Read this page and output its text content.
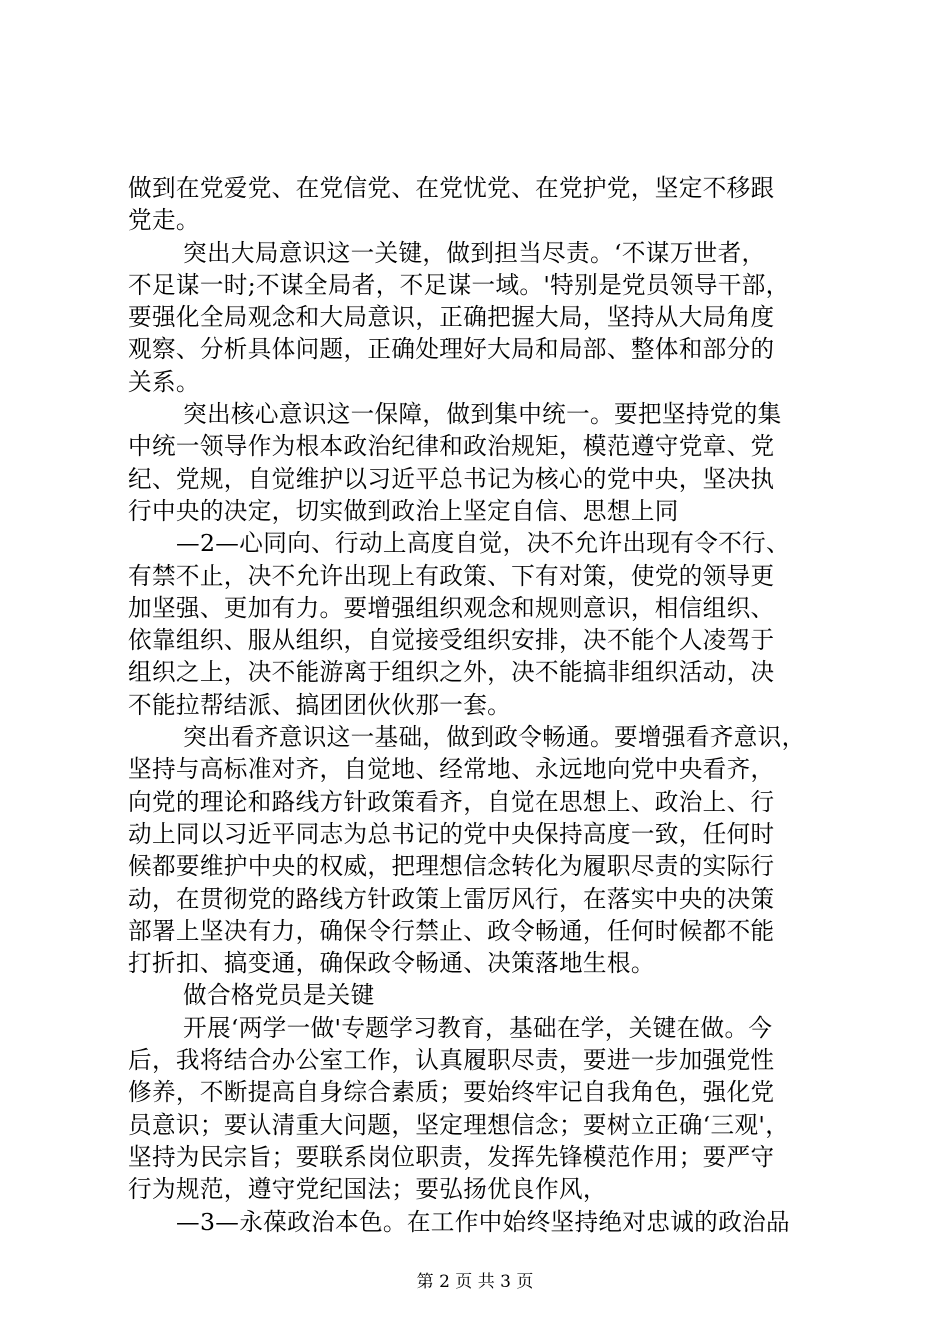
做到在党爱党、在党信党、在党忧党、在党护党，坚定不移跟
党走。
突出大局意识这一关键，做到担当尽责。‘不谋万世者，
不足谋一时;不谋全局者，不足谋一域。'特别是党员领导干部，
要强化全局观念和大局意识，正确把握大局，坚持从大局角度
观察、分析具体问题，正确处理好大局和局部、整体和部分的
关系。
突出核心意识这一保障，做到集中统一。要把坚持党的集
中统一领导作为根本政治纪律和政治规矩，模范遵守党章、党
纪、党规，自觉维护以习近平总书记为核心的党中央，坚决执
行中央的决定，切实做到政治上坚定自信、思想上同
—2—心同向、行动上高度自觉，决不允许出现有令不行、
有禁不止，决不允许出现上有政策、下有对策，使党的领导更
加坚强、更加有力。要增强组织观念和规则意识，相信组织、
依靠组织、服从组织，自觉接受组织安排，决不能个人凌驾于
组织之上，决不能游离于组织之外，决不能搞非组织活动，决
不能拉帮结派、搞团团伙伙那一套。
突出看齐意识这一基础，做到政令畅通。要增强看齐意识，
坚持与高标准对齐，自觉地、经常地、永远地向党中央看齐，
向党的理论和路线方针政策看齐，自觉在思想上、政治上、行
动上同以习近平同志为总书记的党中央保持高度一致，任何时
候都要维护中央的权威，把理想信念转化为履职尽责的实际行
动，在贯彻党的路线方针政策上雷厉风行，在落实中央的决策
部署上坚决有力，确保令行禁止、政令畅通，任何时候都不能
打折扣、搞变通，确保政令畅通、决策落地生根。
做合格党员是关键
开展‘两学一做'专题学习教育，基础在学，关键在做。今
后，我将结合办公室工作，认真履职尽责，要进一步加强党性
修养，不断提高自身综合素质；要始终牢记自我角色，强化党
员意识；要认清重大问题，坚定理想信念；要树立正确‘三观'，
坚持为民宗旨；要联系岗位职责，发挥先锋模范作用；要严守
行为规范，遵守党纪国法；要弘扬优良作风，
—3—永葆政治本色。在工作中始终坚持绝对忠诚的政治品
第 2 页 共 3 页
